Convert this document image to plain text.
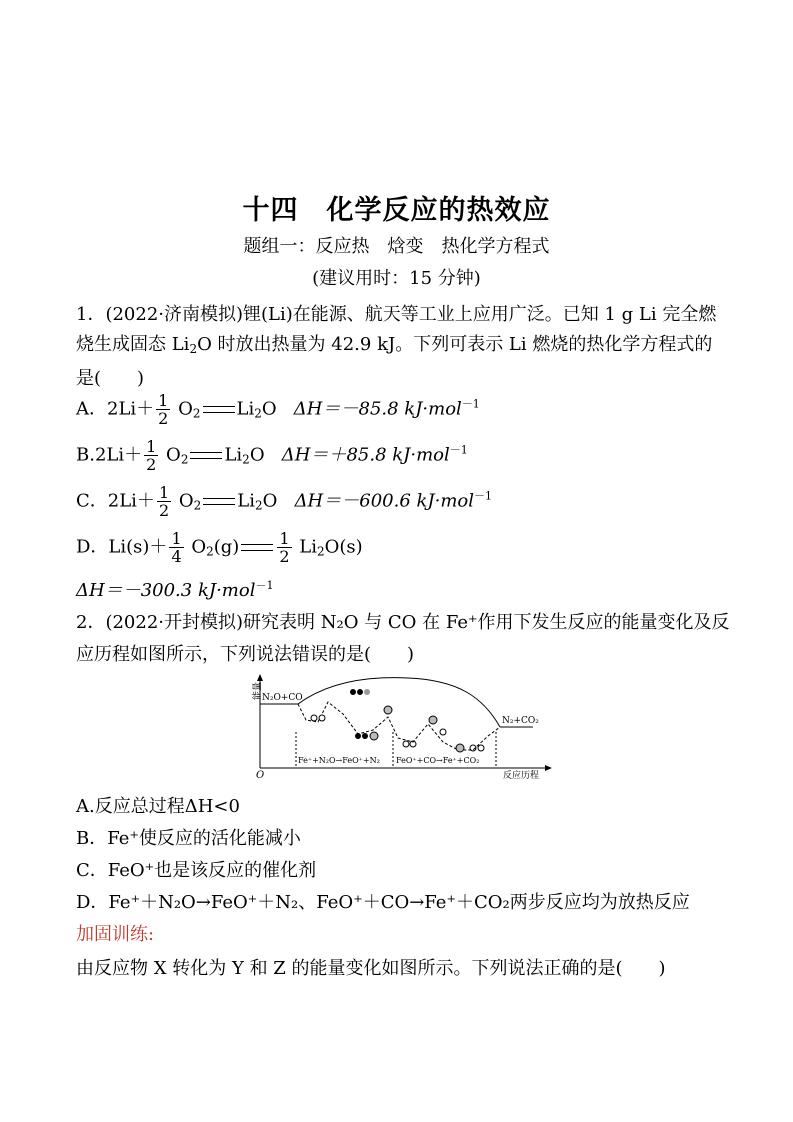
十四　化学反应的热效应
题组一：反应热　焓变　热化学方程式
(建议用时：15 分钟)
1．(2022·济南模拟)锂(Li)在能源、航天等工业上应用广泛。已知 1 g Li 完全燃
烧生成固态 $Li_2O$ 时放出热量为 42.9 kJ。下列可表示 Li 燃烧的热化学方程式的
是(　　)
A．$2Li+ \frac{1}{2} O_2$ $Li_2O$ ΔH＝－85.8 kJ·mol$^{-1}$
$B.2Li+ \frac{1}{2} O_2$ $Li_2O$ ΔH＝＋85.8 kJ·mol$^{-1}$
C．$2Li+ \frac{1}{2} O_2$ $Li_2O$ ΔH＝－600.6 kJ·mol$^{-1}$
D．$Li(s)+ \frac{1}{4} O_2(g) \frac{1}{2} Li_2O(s)$
ΔH＝－300.3 kJ·mol$^{-1}$
2．(2022·开封模拟)研究表明 N₂O 与 CO 在 Fe⁺作用下发生反应的能量变化及反
应历程如图所示，下列说法错误的是(　　)
能量
O	反应历程
N₂O+CO
N₂+CO₂
Fe⁺+N₂O→FeO⁺+N₂ FeO⁺+CO→Fe⁺+CO₂
A.反应总过程ΔH<0
B．Fe⁺使反应的活化能减小
C．FeO⁺也是该反应的催化剂
D．Fe⁺＋N₂O→FeO⁺＋N₂、FeO⁺＋CO→Fe⁺＋CO₂两步反应均为放热反应
加固训练:
由反应物 X 转化为 Y 和 Z 的能量变化如图所示。下列说法正确的是(　　)
